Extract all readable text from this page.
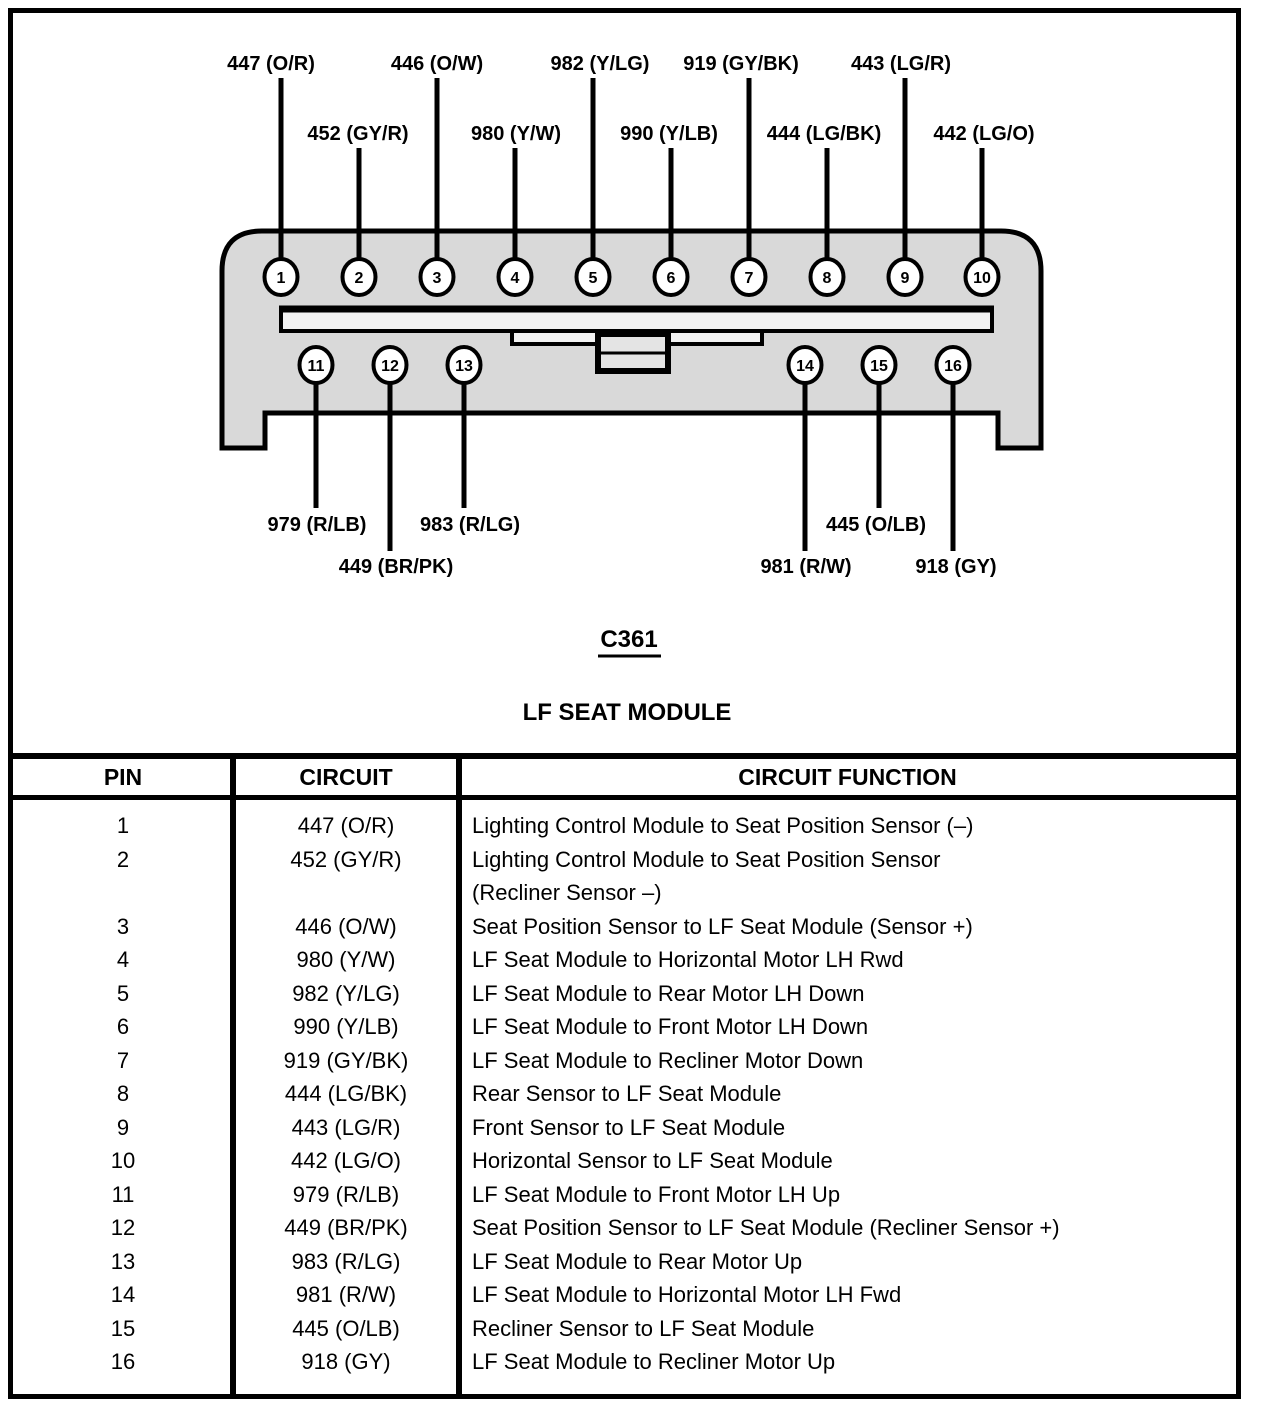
1	2	3	4	5	6	7	8	9	10
11	12	13	14	15	16
447 (O/R)	446 (O/W)	982 (Y/LG) 919 (GY/BK)	443 (LG/R)
452 (GY/R)	980 (Y/W)	990 (Y/LB) 444 (LG/BK)	442 (LG/O)
979 (R/LB)	983 (R/LG)	445 (O/LB)
449 (BR/PK)	981 (R/W)	918 (GY)
C361
LF SEAT MODULE
PIN	CIRCUIT	CIRCUIT FUNCTION
1	447 (O/R)	Lighting Control Module to Seat Position Sensor (–)
2	452 (GY/R)	Lighting Control Module to Seat Position Sensor
(Recliner Sensor –)
3	446 (O/W)	Seat Position Sensor to LF Seat Module (Sensor +)
4	980 (Y/W)	LF Seat Module to Horizontal Motor LH Rwd
5	982 (Y/LG)	LF Seat Module to Rear Motor LH Down
6	990 (Y/LB)	LF Seat Module to Front Motor LH Down
7	919 (GY/BK)	LF Seat Module to Recliner Motor Down
8	444 (LG/BK)	Rear Sensor to LF Seat Module
9	443 (LG/R)	Front Sensor to LF Seat Module
10	442 (LG/O)	Horizontal Sensor to LF Seat Module
11	979 (R/LB)	LF Seat Module to Front Motor LH Up
12	449 (BR/PK)	Seat Position Sensor to LF Seat Module (Recliner Sensor +)
13	983 (R/LG)	LF Seat Module to Rear Motor Up
14	981 (R/W)	LF Seat Module to Horizontal Motor LH Fwd
15	445 (O/LB)	Recliner Sensor to LF Seat Module
16	918 (GY)	LF Seat Module to Recliner Motor Up
